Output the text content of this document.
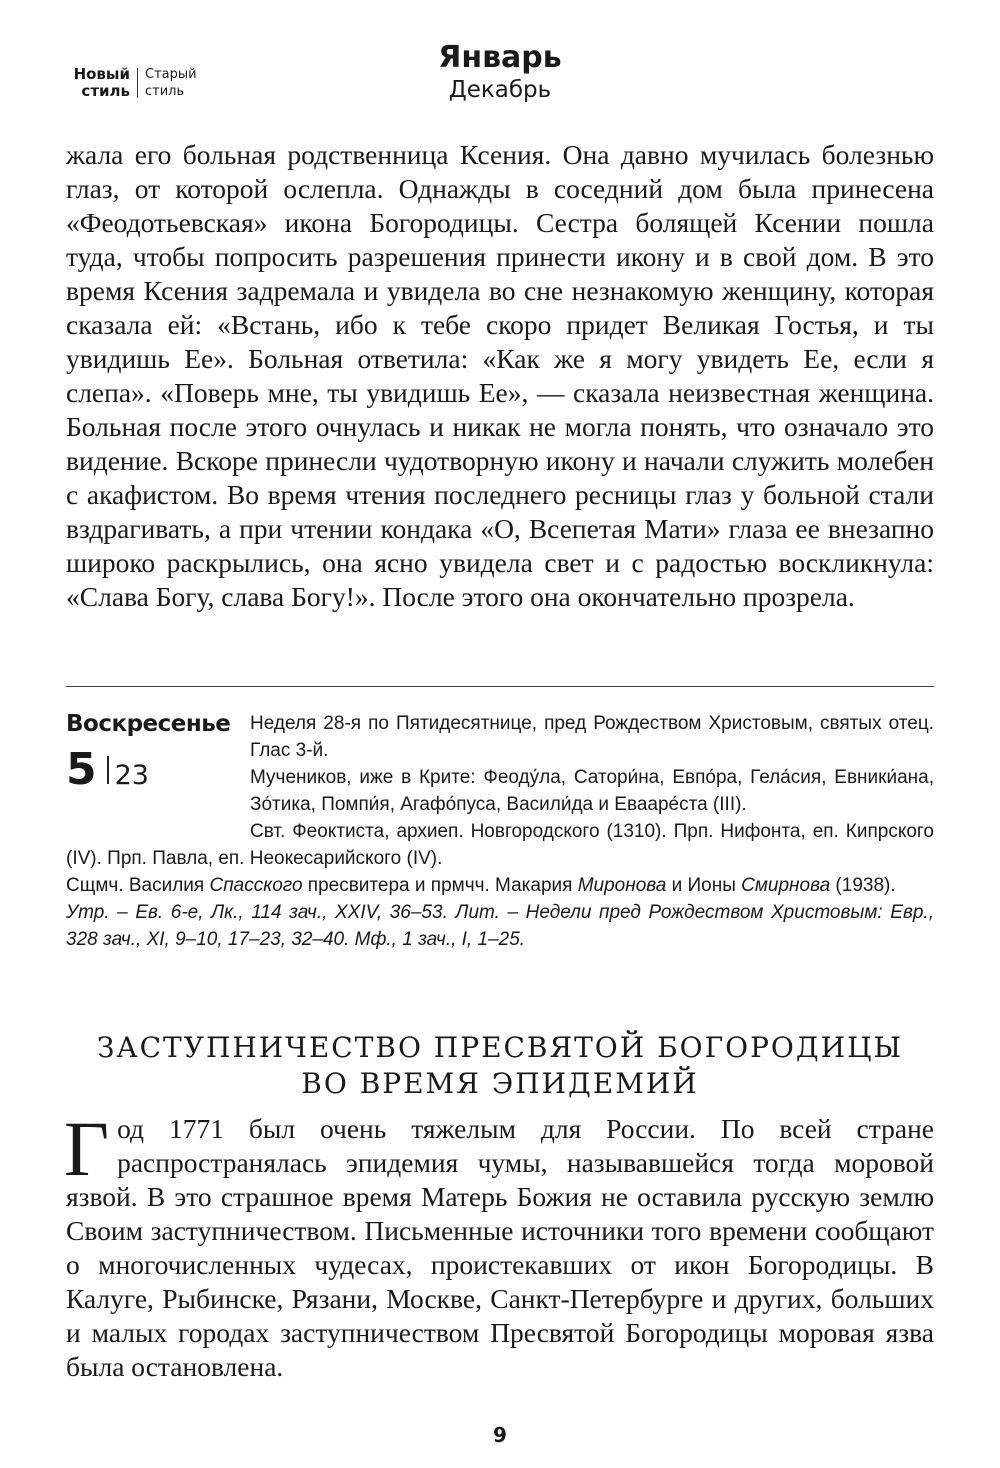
Новый стиль
Старый стиль
Январь
Декабрь

жала его больная родственница Ксения. Она давно мучилась болезнью глаз, от которой ослепла. Однажды в соседний дом была принесена «Феодотьевская» икона Богородицы. Сестра болящей Ксении пошла туда, чтобы попросить разрешения принести икону и в свой дом. В это время Ксения задремала и увидела во сне незнакомую женщину, которая сказала ей: «Встань, ибо к тебе скоро придет Великая Гостья, и ты увидишь Ее». Больная ответила: «Как же я могу увидеть Ее, если я слепа». «Поверь мне, ты увидишь Ее», — сказала неизвестная женщина. Больная после этого очнулась и никак не могла понять, что означало это видение. Вскоре принесли чудотворную икону и начали служить молебен с акафистом. Во время чтения последнего ресницы глаз у больной стали вздрагивать, а при чтении кондака «О, Всепетая Мати» глаза ее внезапно широко раскрылись, она ясно увидела свет и с радостью воскликнула: «Слава Богу, слава Богу!». После этого она окончательно прозрела.

Воскресенье
5 23

Неделя 28-я по Пятидесятнице, пред Рождеством Христовым, святых отец. Глас 3-й.

Мучеников, иже в Крите: Феоду́ла, Сатори́на, Евпо́ра, Гела́сия, Евники́ана, Зо́тика, Помпи́я, Агафо́пуса, Васили́да и Евааре́ста (III).

Свт. Феоктиста, архиеп. Новгородского (1310). Прп. Нифонта, еп. Кипрского (IV). Прп. Павла, еп. Неокесарийского (IV).

Сщмч. Василия Спасского пресвитера и прмчч. Макария Миронова и Ионы Смирнова (1938).

Утр. – Ев. 6-е, Лк., 114 зач., XXIV, 36–53. Лит. – Недели пред Рождеством Христовым: Евр., 328 зач., XI, 9–10, 17–23, 32–40. Мф., 1 зач., I, 1–25.

ЗАСТУПНИЧЕСТВО ПРЕСВЯТОЙ БОГОРОДИЦЫ
ВО ВРЕМЯ ЭПИДЕМИЙ

Год 1771 был очень тяжелым для России. По всей стране распространялась эпидемия чумы, называвшейся тогда моровой язвой. В это страшное время Матерь Божия не оставила русскую землю Своим заступничеством. Письменные источники того времени сообщают о многочисленных чудесах, проистекавших от икон Богородицы. В Калуге, Рыбинске, Рязани, Москве, Санкт-Петербурге и других, больших и малых городах заступничеством Пресвятой Богородицы моровая язва была остановлена.

9
